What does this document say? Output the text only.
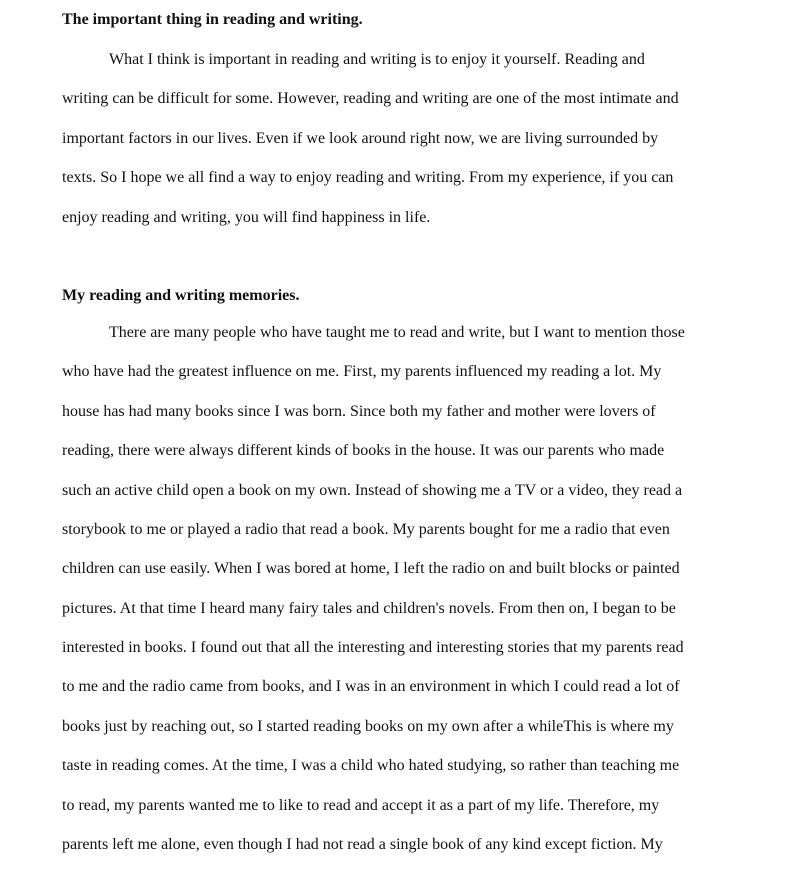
The important thing in reading and writing.
What I think is important in reading and writing is to enjoy it yourself. Reading and
writing can be difficult for some. However, reading and writing are one of the most intimate and
important factors in our lives. Even if we look around right now, we are living surrounded by
texts. So I hope we all find a way to enjoy reading and writing. From my experience, if you can
enjoy reading and writing, you will find happiness in life.
My reading and writing memories.
There are many people who have taught me to read and write, but I want to mention those
who have had the greatest influence on me. First, my parents influenced my reading a lot. My
house has had many books since I was born. Since both my father and mother were lovers of
reading, there were always different kinds of books in the house. It was our parents who made
such an active child open a book on my own. Instead of showing me a TV or a video, they read a
storybook to me or played a radio that read a book. My parents bought for me a radio that even
children can use easily. When I was bored at home, I left the radio on and built blocks or painted
pictures. At that time I heard many fairy tales and children's novels. From then on, I began to be
interested in books. I found out that all the interesting and interesting stories that my parents read
to me and the radio came from books, and I was in an environment in which I could read a lot of
books just by reaching out, so I started reading books on my own after a whileThis is where my
taste in reading comes. At the time, I was a child who hated studying, so rather than teaching me
to read, my parents wanted me to like to read and accept it as a part of my life. Therefore, my
parents left me alone, even though I had not read a single book of any kind except fiction. My
